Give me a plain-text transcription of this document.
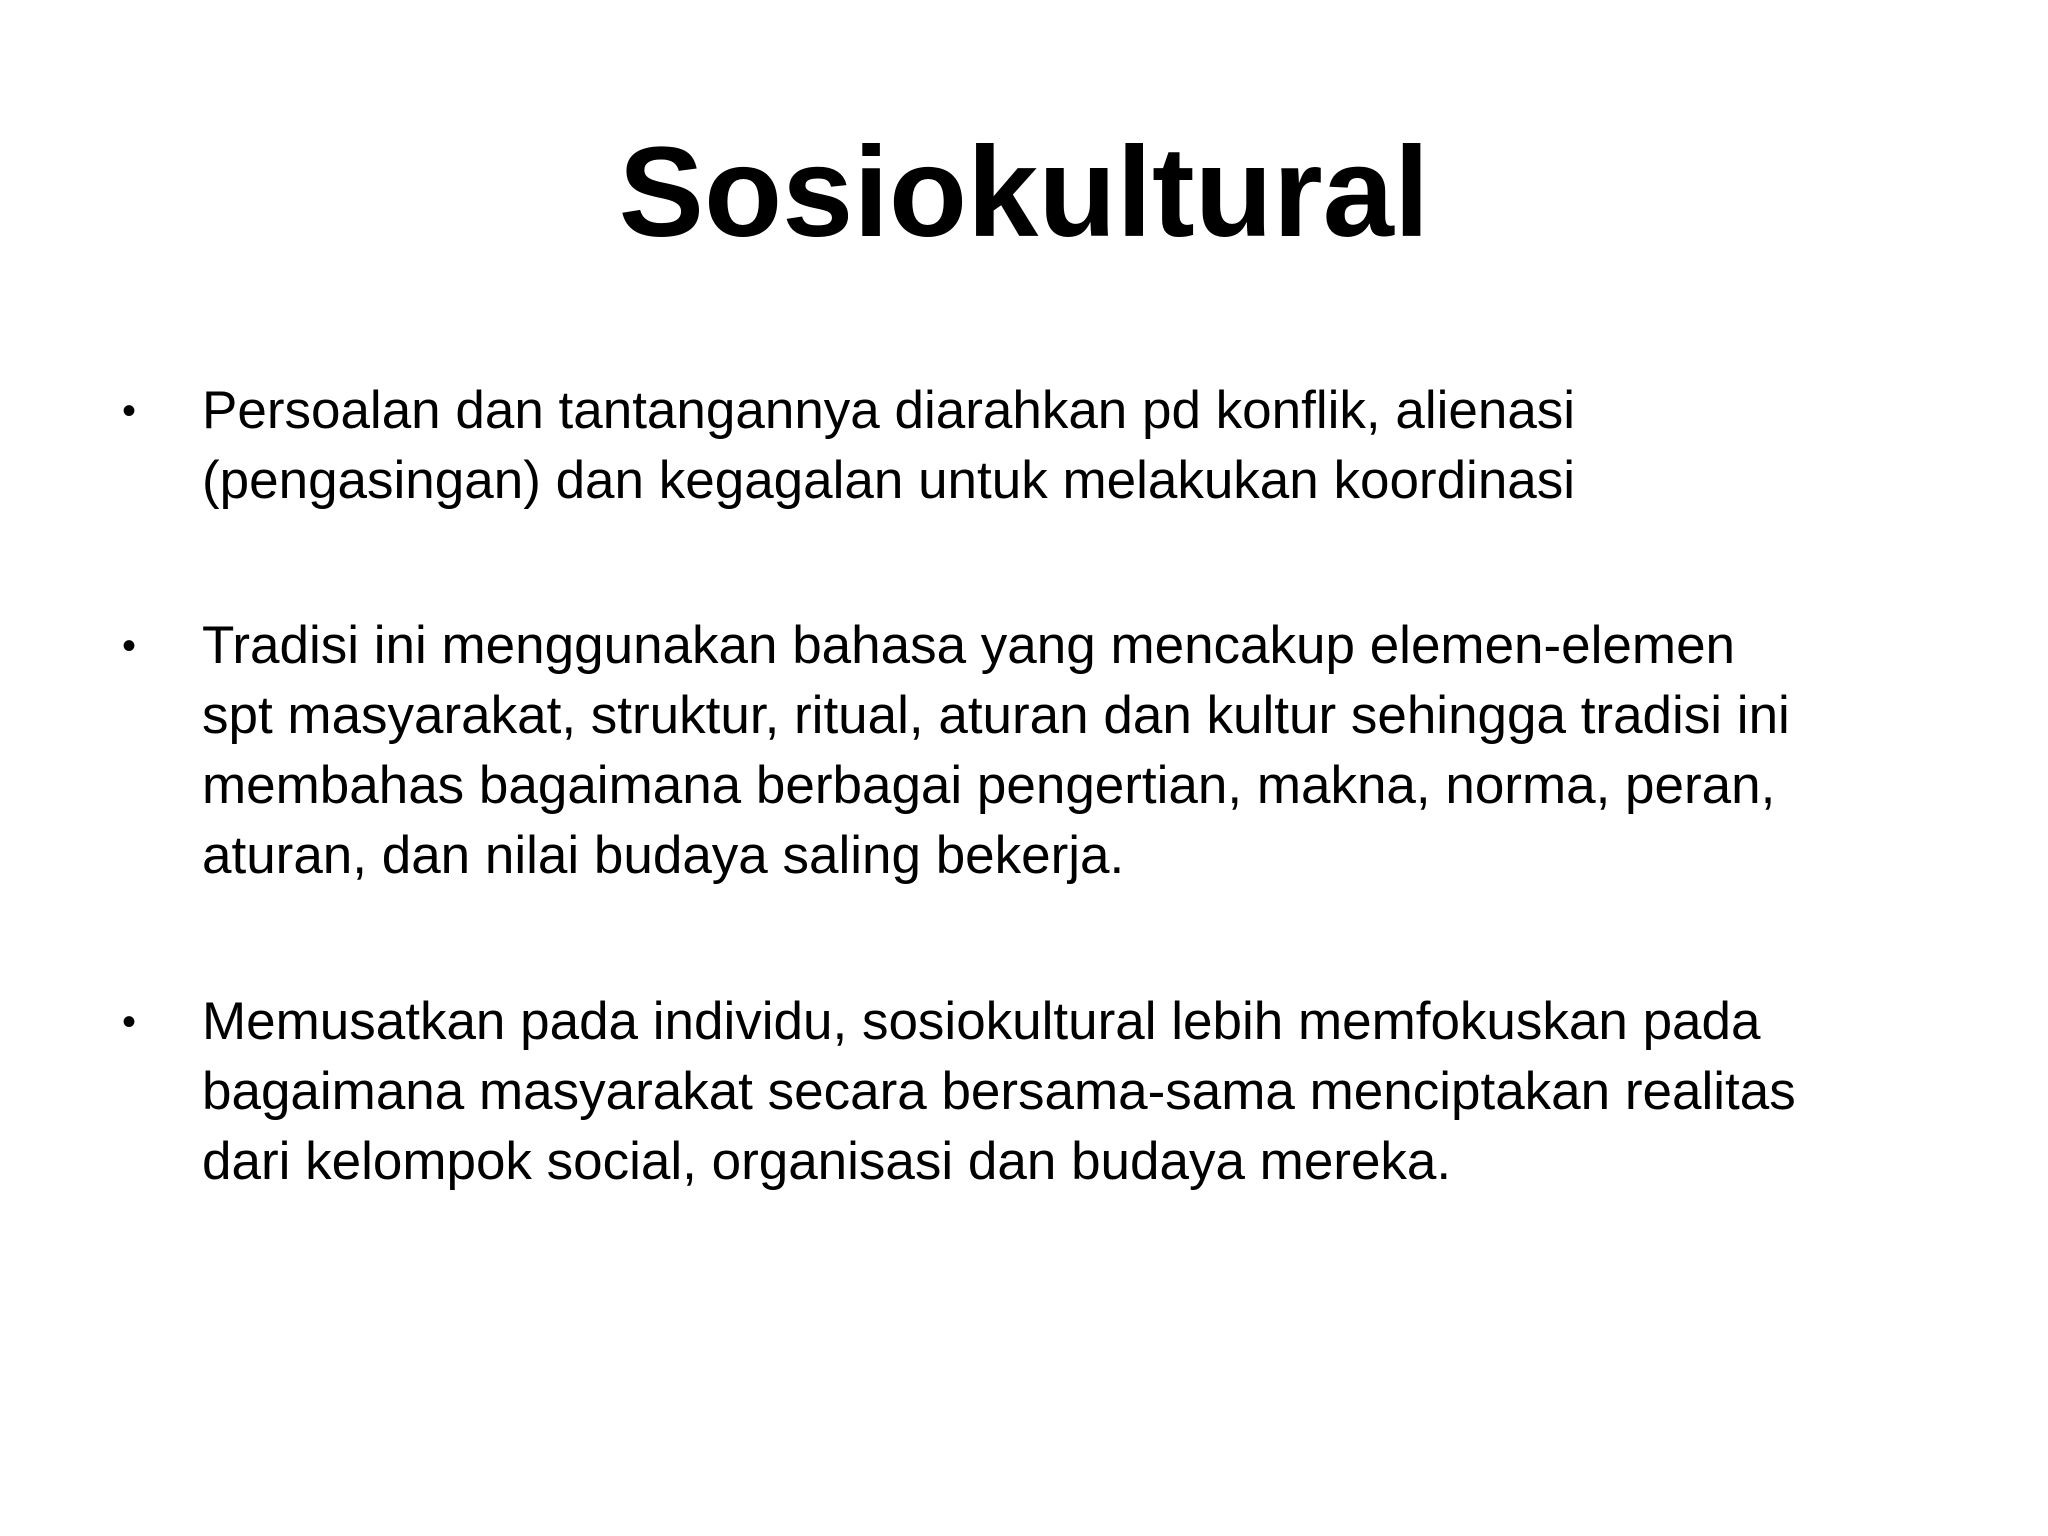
Sosiokultural
• Persoalan dan tantangannya diarahkan pd konflik, alienasi
(pengasingan) dan kegagalan untuk melakukan koordinasi
• Tradisi ini menggunakan bahasa yang mencakup elemen-elemen
spt masyarakat, struktur, ritual, aturan dan kultur sehingga tradisi ini
membahas bagaimana berbagai pengertian, makna, norma, peran,
aturan, dan nilai budaya saling bekerja.
• Memusatkan pada individu, sosiokultural lebih memfokuskan pada
bagaimana masyarakat secara bersama-sama menciptakan realitas
dari kelompok social, organisasi dan budaya mereka.
